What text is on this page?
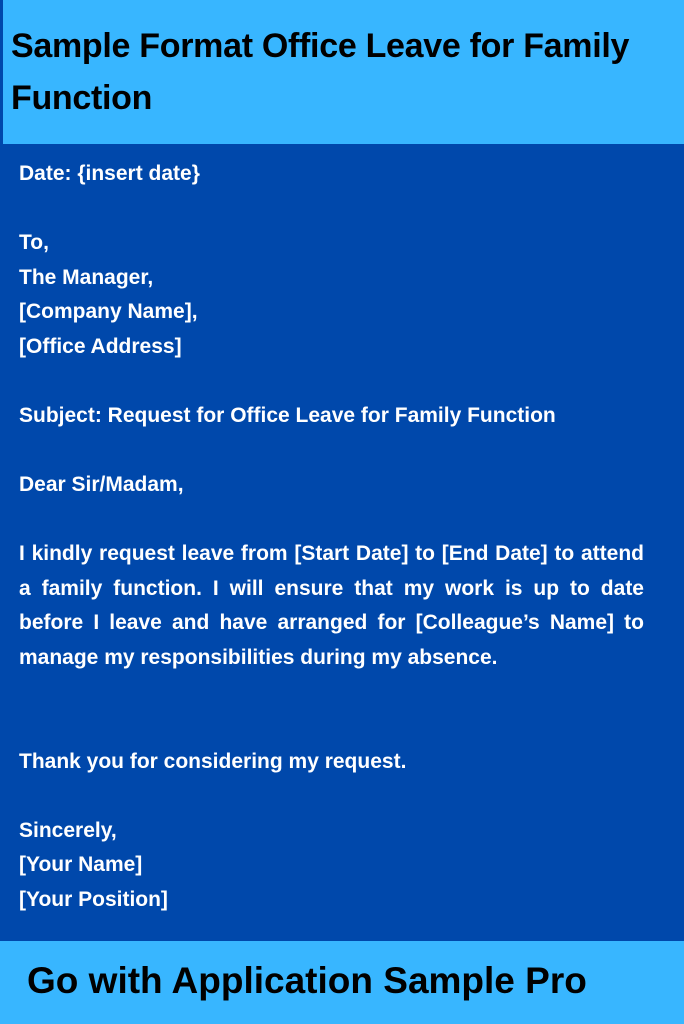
Sample Format Office Leave for Family Function
Date: {insert date}
To,
The Manager,
[Company Name],
[Office Address]
Subject: Request for Office Leave for Family Function
Dear Sir/Madam,

I kindly request leave from [Start Date] to [End Date] to attend a family function. I will ensure that my work is up to date before I leave and have arranged for [Colleague’s Name] to manage my responsibilities during my absence.

Thank you for considering my request.
Sincerely,
[Your Name]
[Your Position]
Go with Application Sample Pro
